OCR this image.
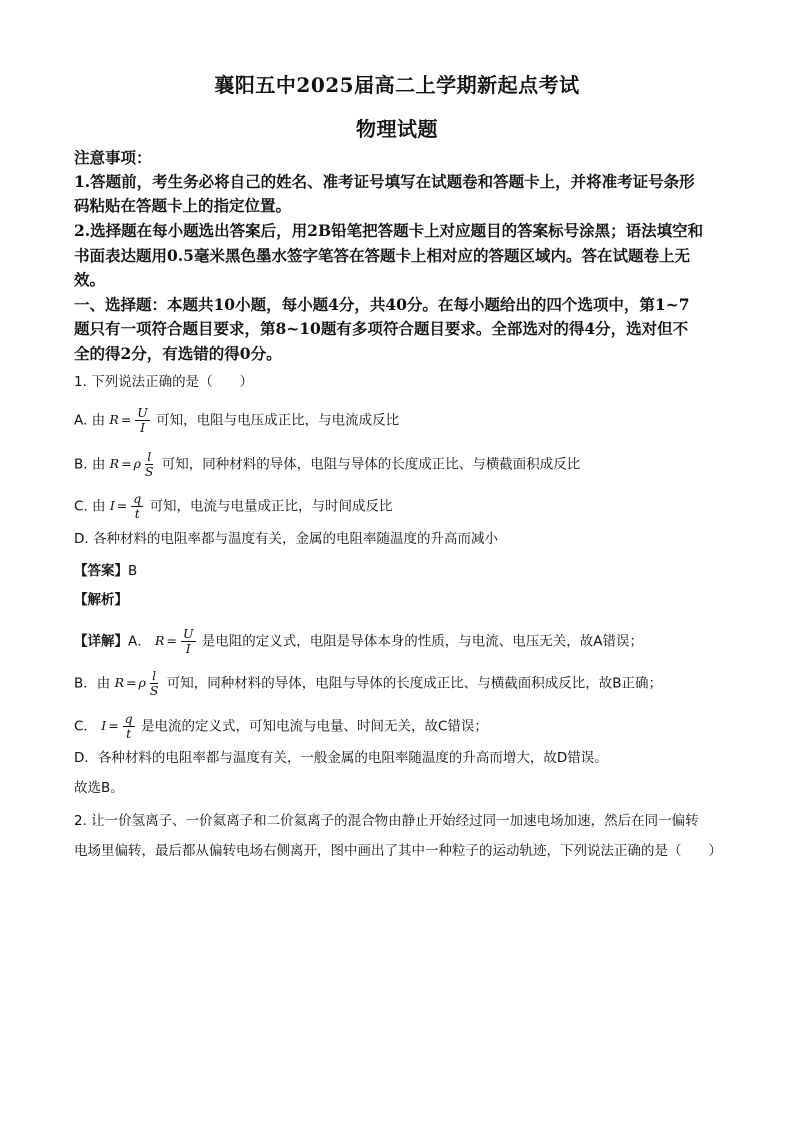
襄阳五中2025届高二上学期新起点考试
物理试题
注意事项：
1.答题前，考生务必将自己的姓名、准考证号填写在试题卷和答题卡上，并将准考证号条形
码粘贴在答题卡上的指定位置。
2.选择题在每小题选出答案后，用2B铅笔把答题卡上对应题目的答案标号涂黑；语法填空和
书面表达题用0.5毫米黑色墨水签字笔答在答题卡上相对应的答题区域内。答在试题卷上无
效。
一、选择题：本题共10小题，每小题4分，共40分。在每小题给出的四个选项中，第1~7
题只有一项符合题目要求，第8~10题有多项符合题目要求。全部选对的得4分，选对但不
全的得2分，有选错的得0分。
1. 下列说法正确的是（　　）
A. 由 $R = \frac{U}{I}$ 可知，电阻与电压成正比，与电流成反比
B. 由 R = ρ $\frac{l}{S}$ 可知，同种材料的导体，电阻与导体的长度成正比、与横截面积成反比
C. 由 $I = \frac{q}{t}$ 可知，电流与电量成正比，与时间成反比
D. 各种材料的电阻率都与温度有关，金属的电阻率随温度的升高而减小
【答案】B
【解析】
【详解】A． $R = \frac{U}{I}$ 是电阻的定义式，电阻是导体本身的性质，与电流、电压无关，故A错误；
B．由 R = ρ $\frac{l}{S}$ 可知，同种材料的导体，电阻与导体的长度成正比、与横截面积成反比，故B正确；
C． $I = \frac{q}{t}$ 是电流的定义式，可知电流与电量、时间无关，故C错误；
D．各种材料的电阻率都与温度有关，一般金属的电阻率随温度的升高而增大，故D错误。
故选B。
2. 让一价氢离子、一价氦离子和二价氦离子的混合物由静止开始经过同一加速电场加速，然后在同一偏转
电场里偏转，最后都从偏转电场右侧离开，图中画出了其中一种粒子的运动轨迹，下列说法正确的是（　　）
